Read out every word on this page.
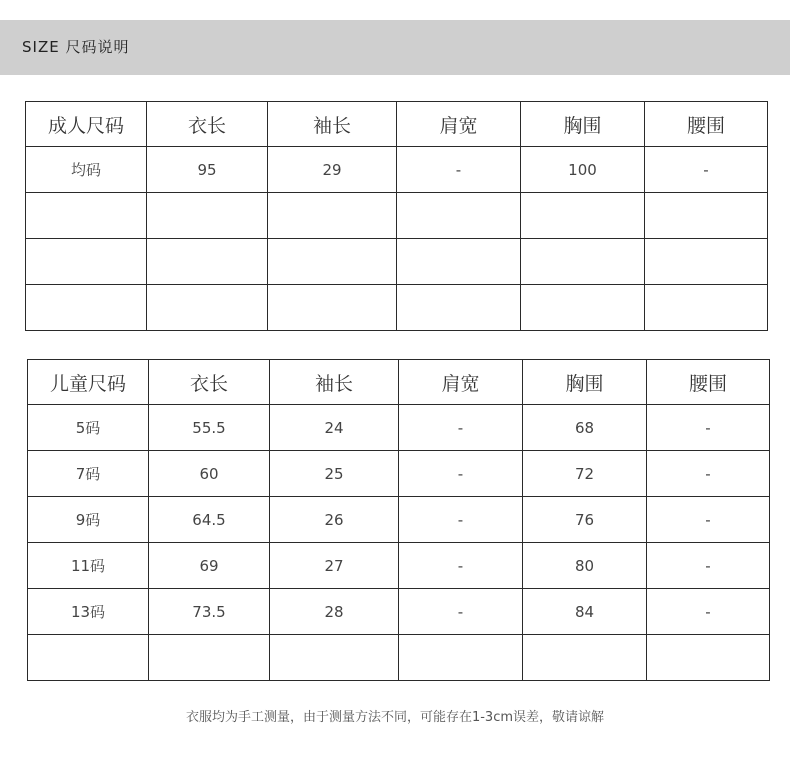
SIZE 尺码说明
成人尺码	衣长	袖长	肩宽	胸围	腰围
均码	95	29	-	100	-

儿童尺码	衣长	袖长	肩宽	胸围	腰围
5码	55.5	24	-	68	-
7码	60	25	-	72	-
9码	64.5	26	-	76	-
11码	69	27	-	80	-
13码	73.5	28	-	84	-

衣服均为手工测量，由于测量方法不同，可能存在1-3cm误差，敬请谅解
